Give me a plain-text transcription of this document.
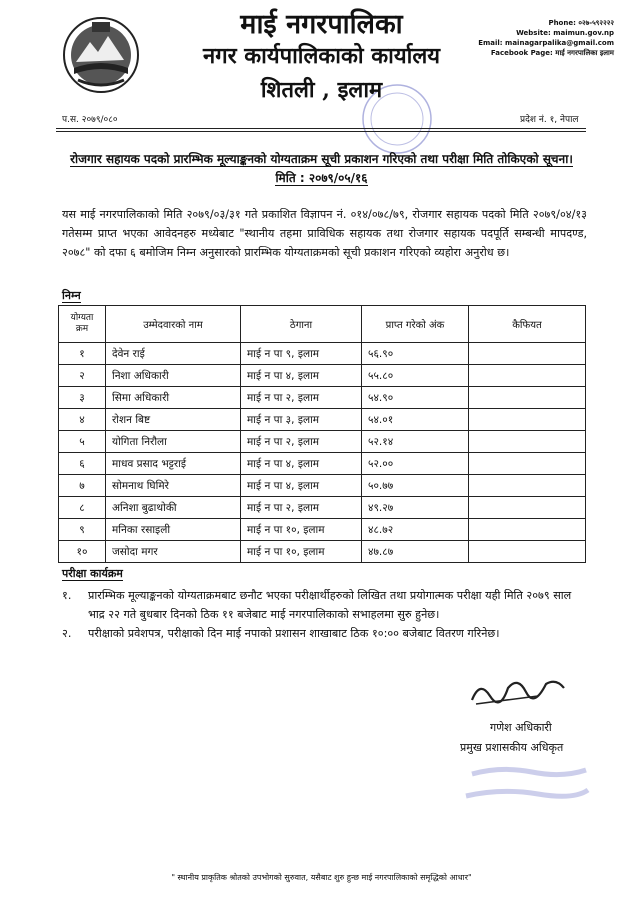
माई नगरपालिका
नगर कार्यपालिकाको कार्यालय
शितली , इलाम
Phone: ०२७-५९२२२२
Website: maimun.gov.np
Email: mainagarpalika@gmail.com
Facebook Page: माई नगरपालिका इलाम
प.स. २०७९/०८०	प्रदेश नं. १, नेपाल
रोजगार सहायक पदको प्रारम्भिक मूल्याङ्कनको योग्यताक्रम सूची प्रकाशन गरिएको तथा परीक्षा मिति तोकिएको सूचना।
मिति : २०७९/०५/१६
यस माई नगरपालिकाको मिति २०७९/०३/३१ गते प्रकाशित विज्ञापन नं. ०१४/०७८/७९, रोजगार सहायक पदको मिति २०७९/०४/१३ गतेसम्म प्राप्त भएका आवेदनहरु मध्येबाट "स्थानीय तहमा प्राविधिक सहायक तथा रोजगार सहायक पदपूर्ति सम्बन्धी मापदण्ड, २०७८" को दफा ६ बमोजिम निम्न अनुसारको प्रारम्भिक योग्यताक्रमको सूची प्रकाशन गरिएको व्यहोरा अनुरोध छ।
निम्न
योग्यता क्रम	उम्मेदवारको नाम	ठेगाना	प्राप्त गरेको अंक	कैफियत
१	देवेन राई	माई न पा ९, इलाम	५६.९०	
२	निशा अधिकारी	माई न पा ४, इलाम	५५.८०	
३	सिमा अधिकारी	माई न पा २, इलाम	५४.९०	
४	रोशन बिष्ट	माई न पा ३, इलाम	५४.०१	
५	योगिता निरौला	माई न पा २, इलाम	५२.१४	
६	माधव प्रसाद भट्टराई	माई न पा ४, इलाम	५२.००	
७	सोमनाथ घिमिरे	माई न पा ४, इलाम	५०.७७	
८	अनिशा बुढाथोकी	माई न पा २, इलाम	४९.२७	
९	मनिका रसाइली	माई न पा १०, इलाम	४८.७२	
१०	जसोदा मगर	माई न पा १०, इलाम	४७.८७	
परीक्षा कार्यक्रम
१.	प्रारम्भिक मूल्याङ्कनको योग्यताक्रमबाट छनौट भएका परीक्षार्थीहरुको लिखित तथा प्रयोगात्मक परीक्षा यही मिति २०७९ साल भाद्र २२ गते बुधबार दिनको ठिक ११ बजेबाट माई नगरपालिकाको सभाहलमा सुरु हुनेछ।
२.	परीक्षाको प्रवेशपत्र, परीक्षाको दिन माई नपाको प्रशासन शाखाबाट ठिक १०:०० बजेबाट वितरण गरिनेछ।
गणेश अधिकारी
प्रमुख प्रशासकीय अधिकृत
" स्थानीय प्राकृतिक श्रोतको उपभोगको सुरुवात, यसैबाट शुरु हुन्छ माई नगरपालिकाको समृद्धिको आधार"
